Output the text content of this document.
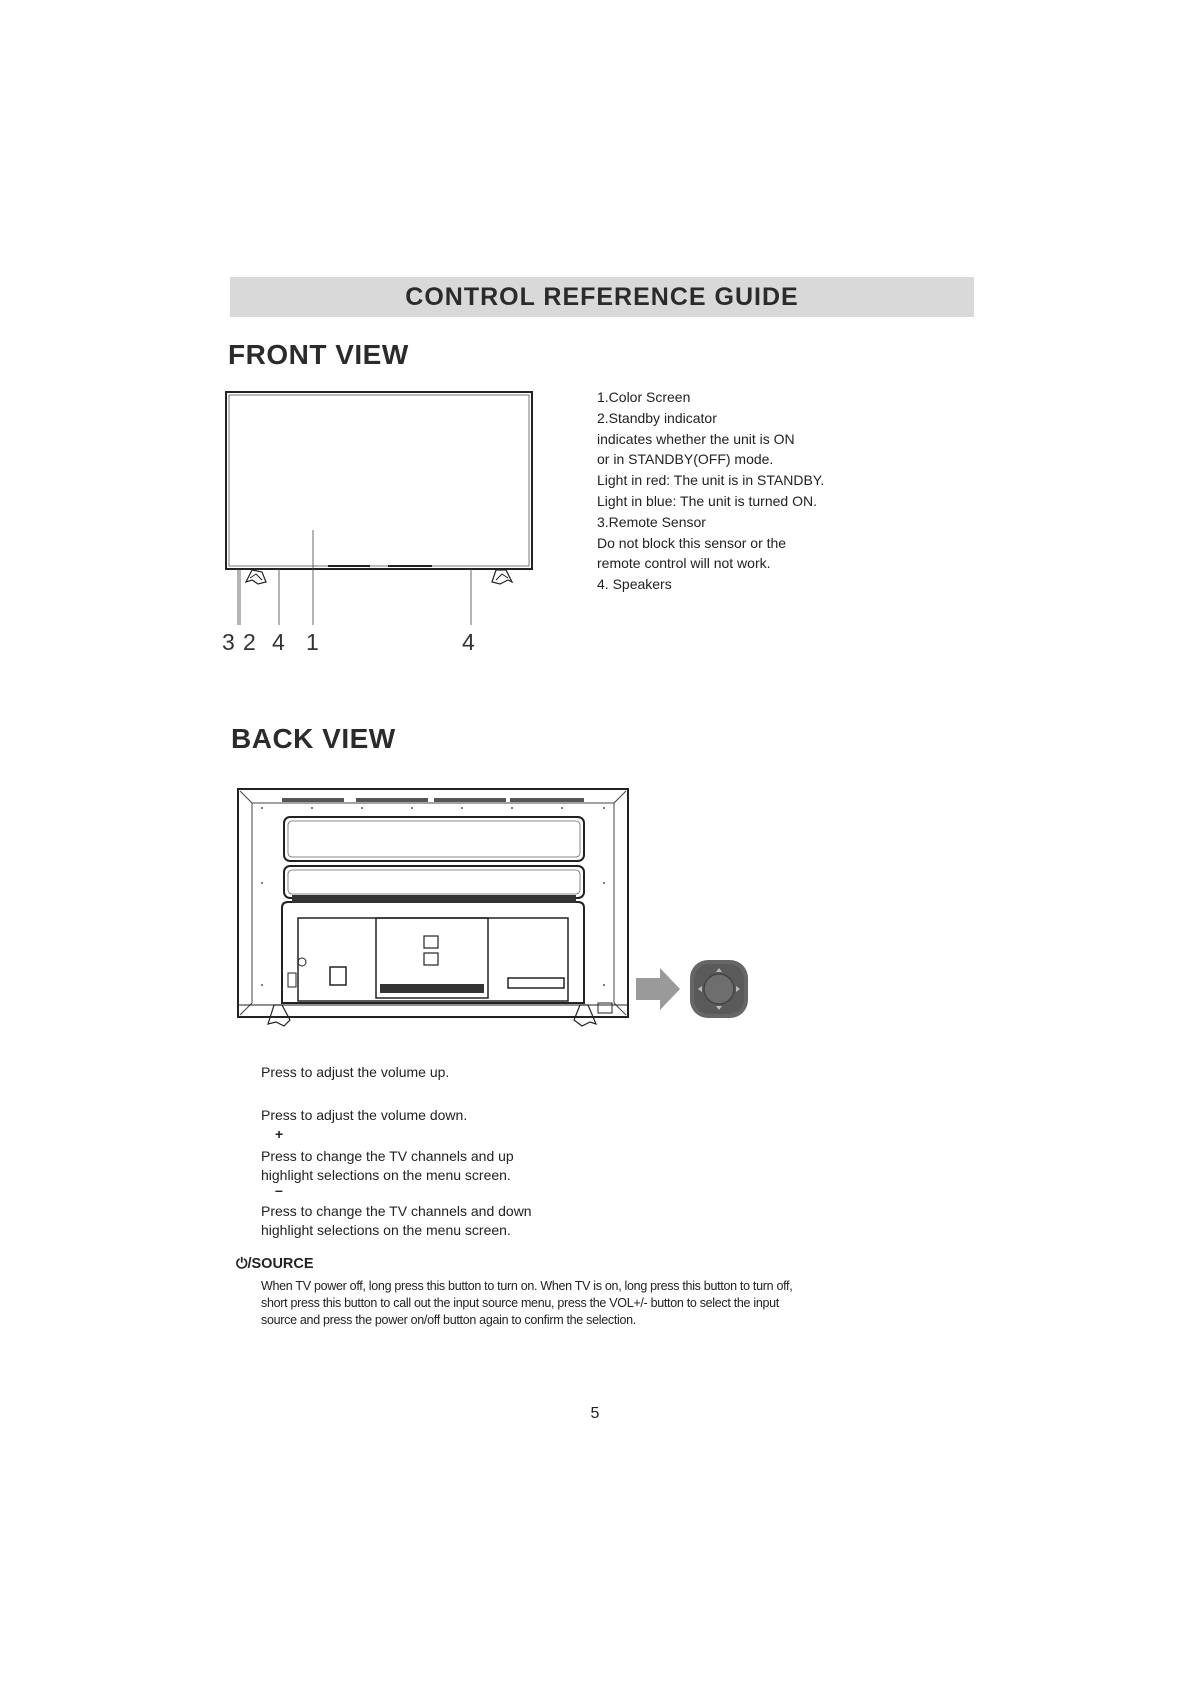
CONTROL REFERENCE GUIDE
FRONT VIEW
3 2 4 1	4
1.Color Screen
2.Standby indicator
indicates whether the unit is ON
or in STANDBY(OFF) mode.
Light in red: The unit is in STANDBY.
Light in blue: The unit is turned ON.
3.Remote Sensor
Do not block this sensor or the
remote control will not work.
4. Speakers
BACK VIEW
Press to adjust the volume up.
Press to adjust the volume down.
+
Press to change the TV channels and up
highlight selections on the menu screen.
–
Press to change the TV channels and down
highlight selections on the menu screen.
⏻/SOURCE
When TV power off, long press this button to turn on. When TV is on, long press this button to turn off,
short press this button to call out the input source menu, press the VOL+/- button to select the input
source and press the power on/off button again to confirm the selection.
5
